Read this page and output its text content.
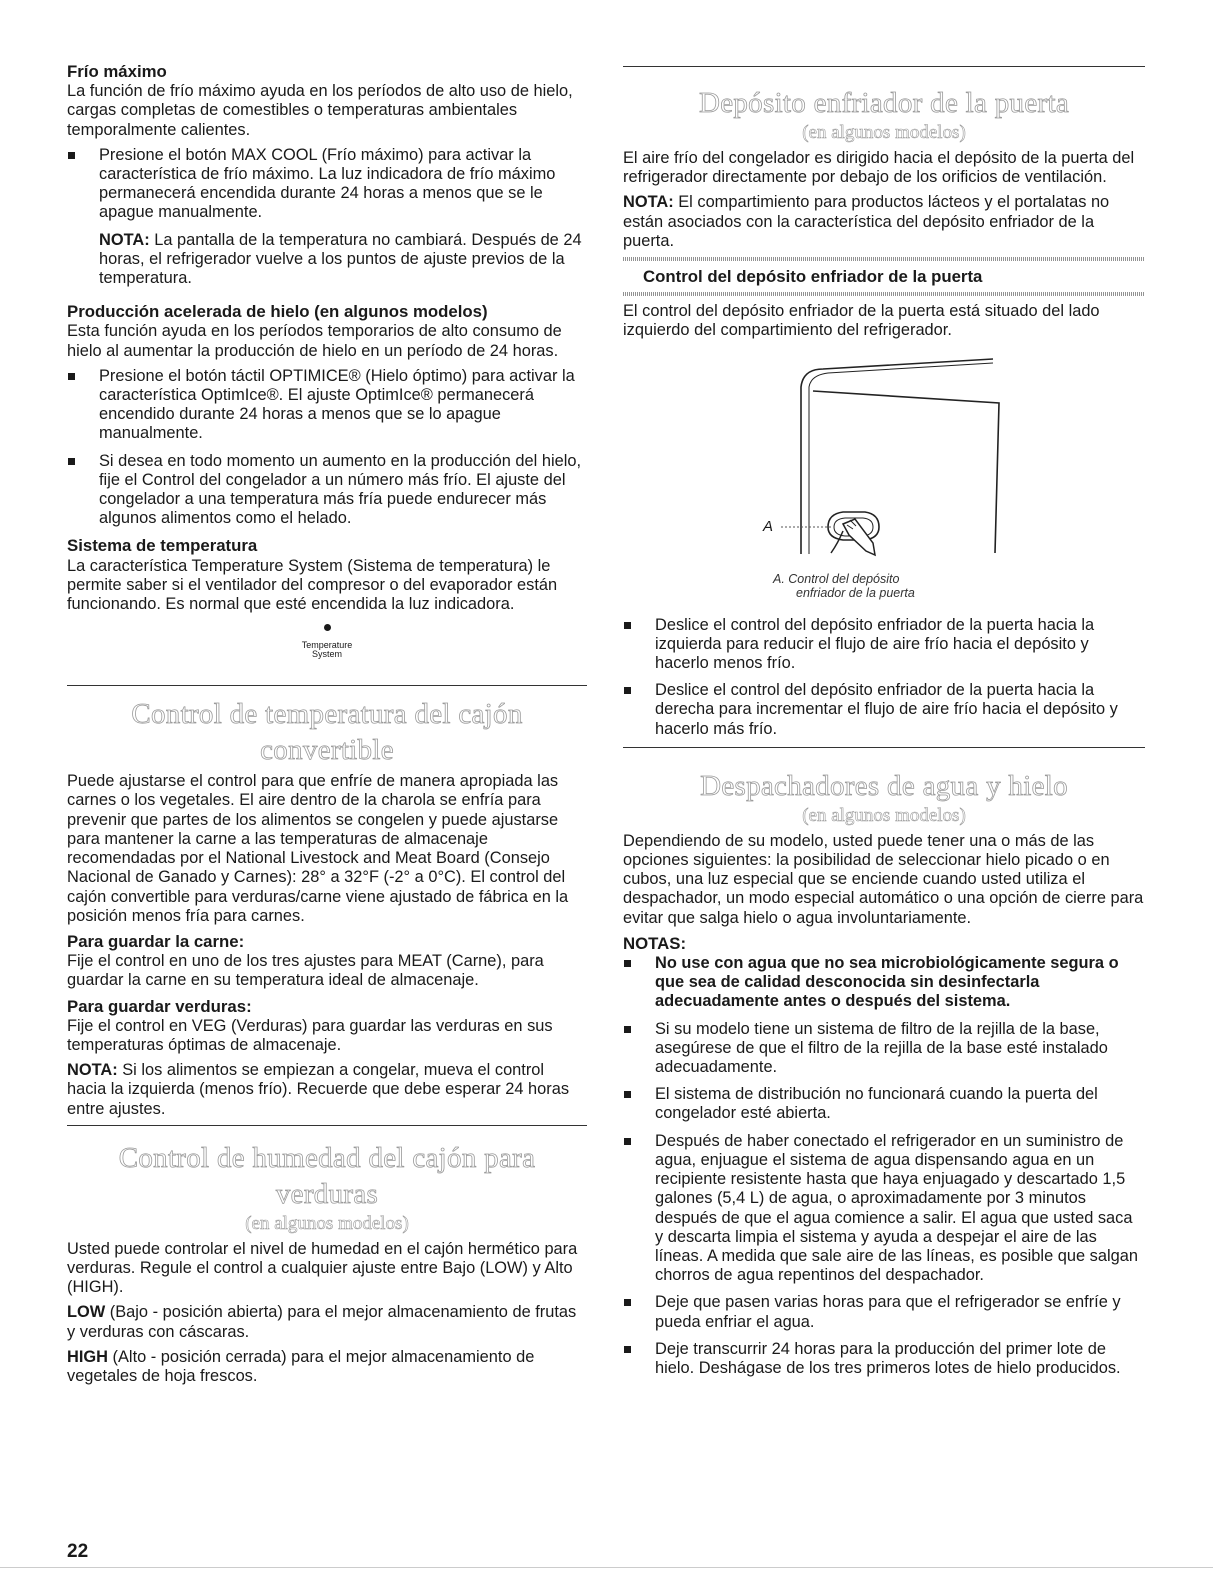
Frío máximo

La función de frío máximo ayuda en los períodos de alto uso de hielo, cargas completas de comestibles o temperaturas ambientales temporalmente calientes.

Presione el botón MAX COOL (Frío máximo) para activar la característica de frío máximo. La luz indicadora de frío máximo permanecerá encendida durante 24 horas a menos que se le apague manualmente.
NOTA: La pantalla de la temperatura no cambiará. Después de 24 horas, el refrigerador vuelve a los puntos de ajuste previos de la temperatura.
Producción acelerada de hielo (en algunos modelos)

Esta función ayuda en los períodos temporarios de alto consumo de hielo al aumentar la producción de hielo en un período de 24 horas.

Presione el botón táctil OPTIMICE® (Hielo óptimo) para activar la característica OptimIce®. El ajuste OptimIce® permanecerá encendido durante 24 horas a menos que se lo apague manualmente.
Si desea en todo momento un aumento en la producción del hielo, fije el Control del congelador a un número más frío. El ajuste del congelador a una temperatura más fría puede endurecer más algunos alimentos como el helado.
Sistema de temperatura

La característica Temperature System (Sistema de temperatura) le permite saber si el ventilador del compresor o del evaporador están funcionando. Es normal que esté encendida la luz indicadora.

Temperature
System
Control de temperatura del cajón convertible

Puede ajustarse el control para que enfríe de manera apropiada las carnes o los vegetales. El aire dentro de la charola se enfría para prevenir que partes de los alimentos se congelen y puede ajustarse para mantener la carne a las temperaturas de almacenaje recomendadas por el National Livestock and Meat Board (Consejo Nacional de Ganado y Carnes): 28° a 32°F (-2° a 0°C). El control del cajón convertible para verduras/carne viene ajustado de fábrica en la posición menos fría para carnes.

Para guardar la carne:

Fije el control en uno de los tres ajustes para MEAT (Carne), para guardar la carne en su temperatura ideal de almacenaje.

Para guardar verduras:

Fije el control en VEG (Verduras) para guardar las verduras en sus temperaturas óptimas de almacenaje.

NOTA: Si los alimentos se empiezan a congelar, mueva el control hacia la izquierda (menos frío). Recuerde que debe esperar 24 horas entre ajustes.

Control de humedad del cajón para verduras
(en algunos modelos)

Usted puede controlar el nivel de humedad en el cajón hermético para verduras. Regule el control a cualquier ajuste entre Bajo (LOW) y Alto (HIGH).

LOW (Bajo - posición abierta) para el mejor almacenamiento de frutas y verduras con cáscaras.

HIGH (Alto - posición cerrada) para el mejor almacenamiento de vegetales de hoja frescos.

Depósito enfriador de la puerta
(en algunos modelos)

El aire frío del congelador es dirigido hacia el depósito de la puerta del refrigerador directamente por debajo de los orificios de ventilación.

NOTA: El compartimiento para productos lácteos y el portalatas no están asociados con la característica del depósito enfriador de la puerta.

Control del depósito enfriador de la puerta

El control del depósito enfriador de la puerta está situado del lado izquierdo del compartimiento del refrigerador.

A
A. Control del depósito
enfriador de la puerta
Deslice el control del depósito enfriador de la puerta hacia la izquierda para reducir el flujo de aire frío hacia el depósito y hacerlo menos frío.
Deslice el control del depósito enfriador de la puerta hacia la derecha para incrementar el flujo de aire frío hacia el depósito y hacerlo más frío.
Despachadores de agua y hielo
(en algunos modelos)

Dependiendo de su modelo, usted puede tener una o más de las opciones siguientes: la posibilidad de seleccionar hielo picado o en cubos, una luz especial que se enciende cuando usted utiliza el despachador, un modo especial automático o una opción de cierre para evitar que salga hielo o agua involuntariamente.

NOTAS:
No use con agua que no sea microbiológicamente segura o que sea de calidad desconocida sin desinfectarla adecuadamente antes o después del sistema.
Si su modelo tiene un sistema de filtro de la rejilla de la base, asegúrese de que el filtro de la rejilla de la base esté instalado adecuadamente.
El sistema de distribución no funcionará cuando la puerta del congelador esté abierta.
Después de haber conectado el refrigerador en un suministro de agua, enjuague el sistema de agua dispensando agua en un recipiente resistente hasta que haya enjuagado y descartado 1,5 galones (5,4 L) de agua, o aproximadamente por 3 minutos después de que el agua comience a salir. El agua que usted saca y descarta limpia el sistema y ayuda a despejar el aire de las líneas. A medida que sale aire de las líneas, es posible que salgan chorros de agua repentinos del despachador.
Deje que pasen varias horas para que el refrigerador se enfríe y pueda enfriar el agua.
Deje transcurrir 24 horas para la producción del primer lote de hielo. Deshágase de los tres primeros lotes de hielo producidos.
22
